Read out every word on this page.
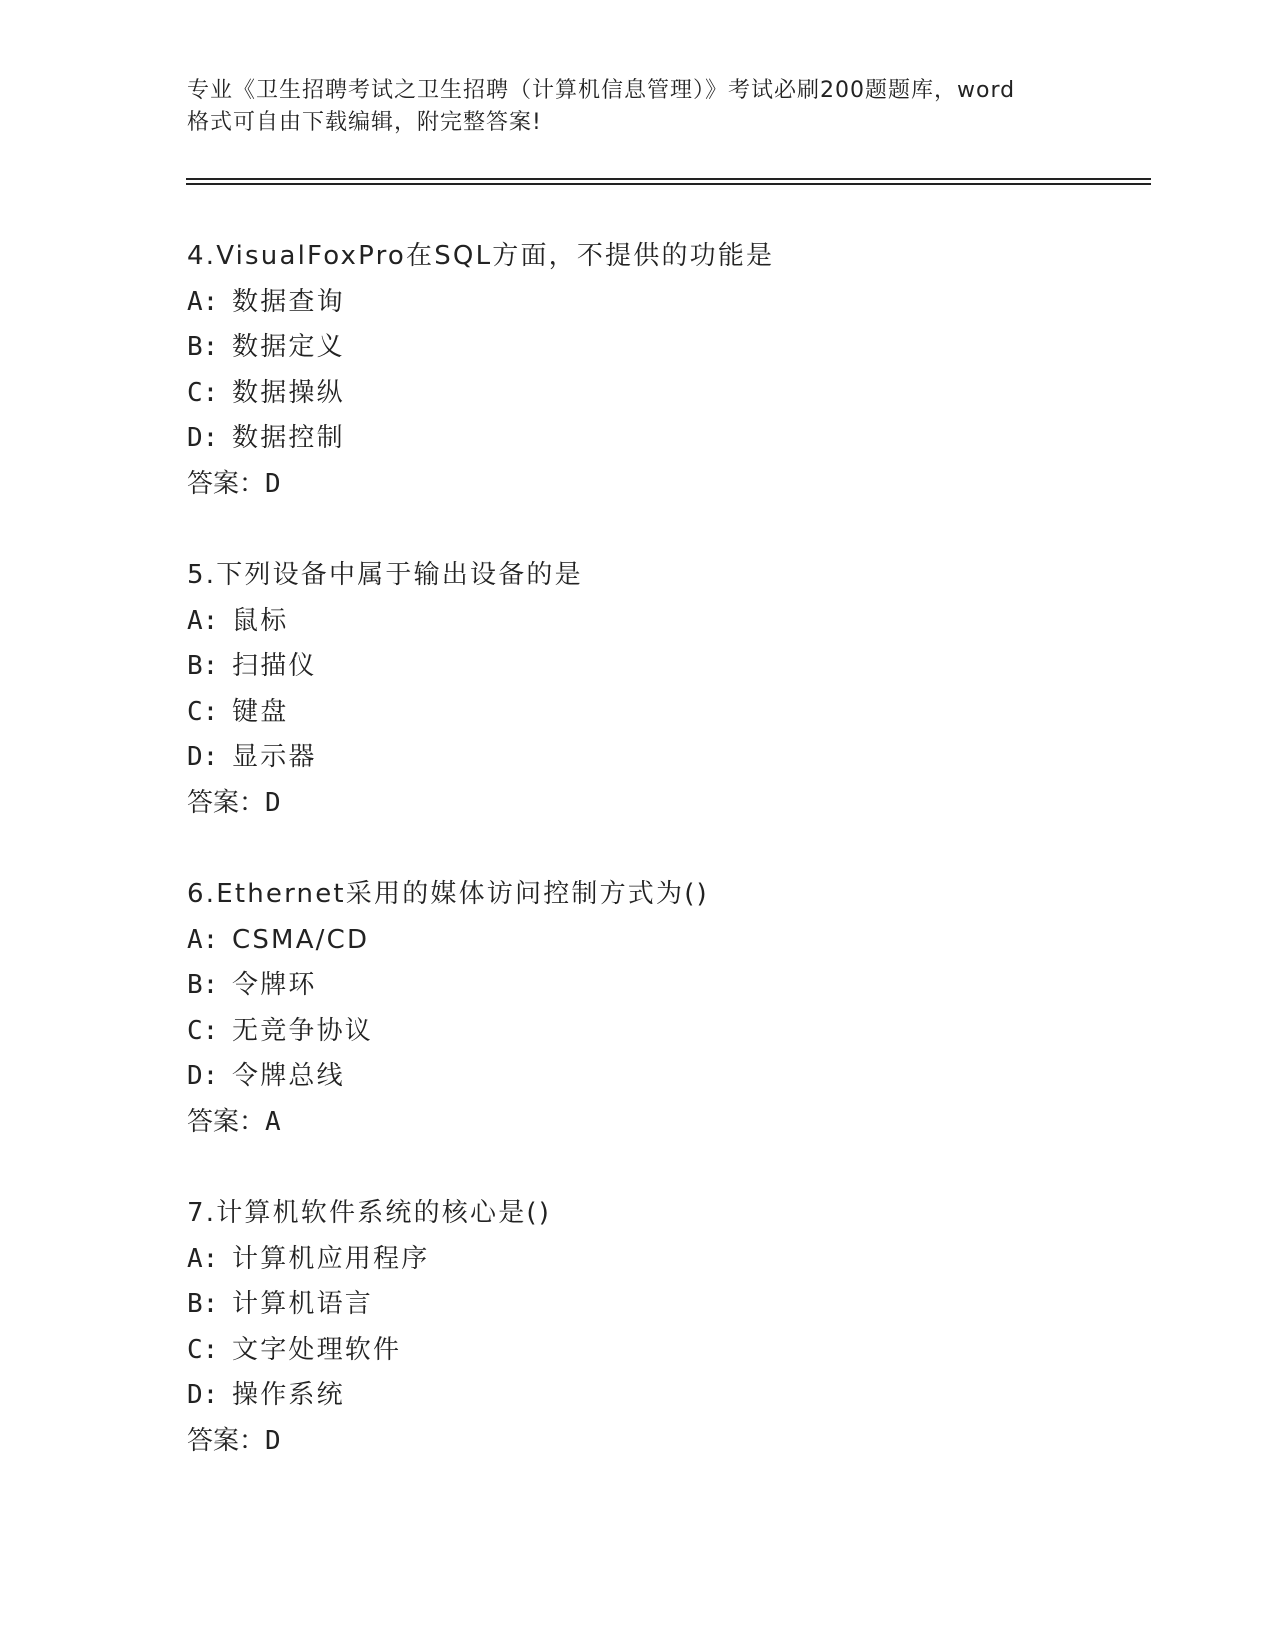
专业《卫生招聘考试之卫生招聘（计算机信息管理）》考试必刷200题题库，word
格式可自由下载编辑，附完整答案!
4.VisualFoxPro在SQL方面，不提供的功能是
A: 数据查询
B: 数据定义
C: 数据操纵
D: 数据控制
答案：D
5.下列设备中属于输出设备的是
A: 鼠标
B: 扫描仪
C: 键盘
D: 显示器
答案：D
6.Ethernet采用的媒体访问控制方式为()
A: CSMA/CD
B: 令牌环
C: 无竞争协议
D: 令牌总线
答案：A
7.计算机软件系统的核心是()
A: 计算机应用程序
B: 计算机语言
C: 文字处理软件
D: 操作系统
答案：D
